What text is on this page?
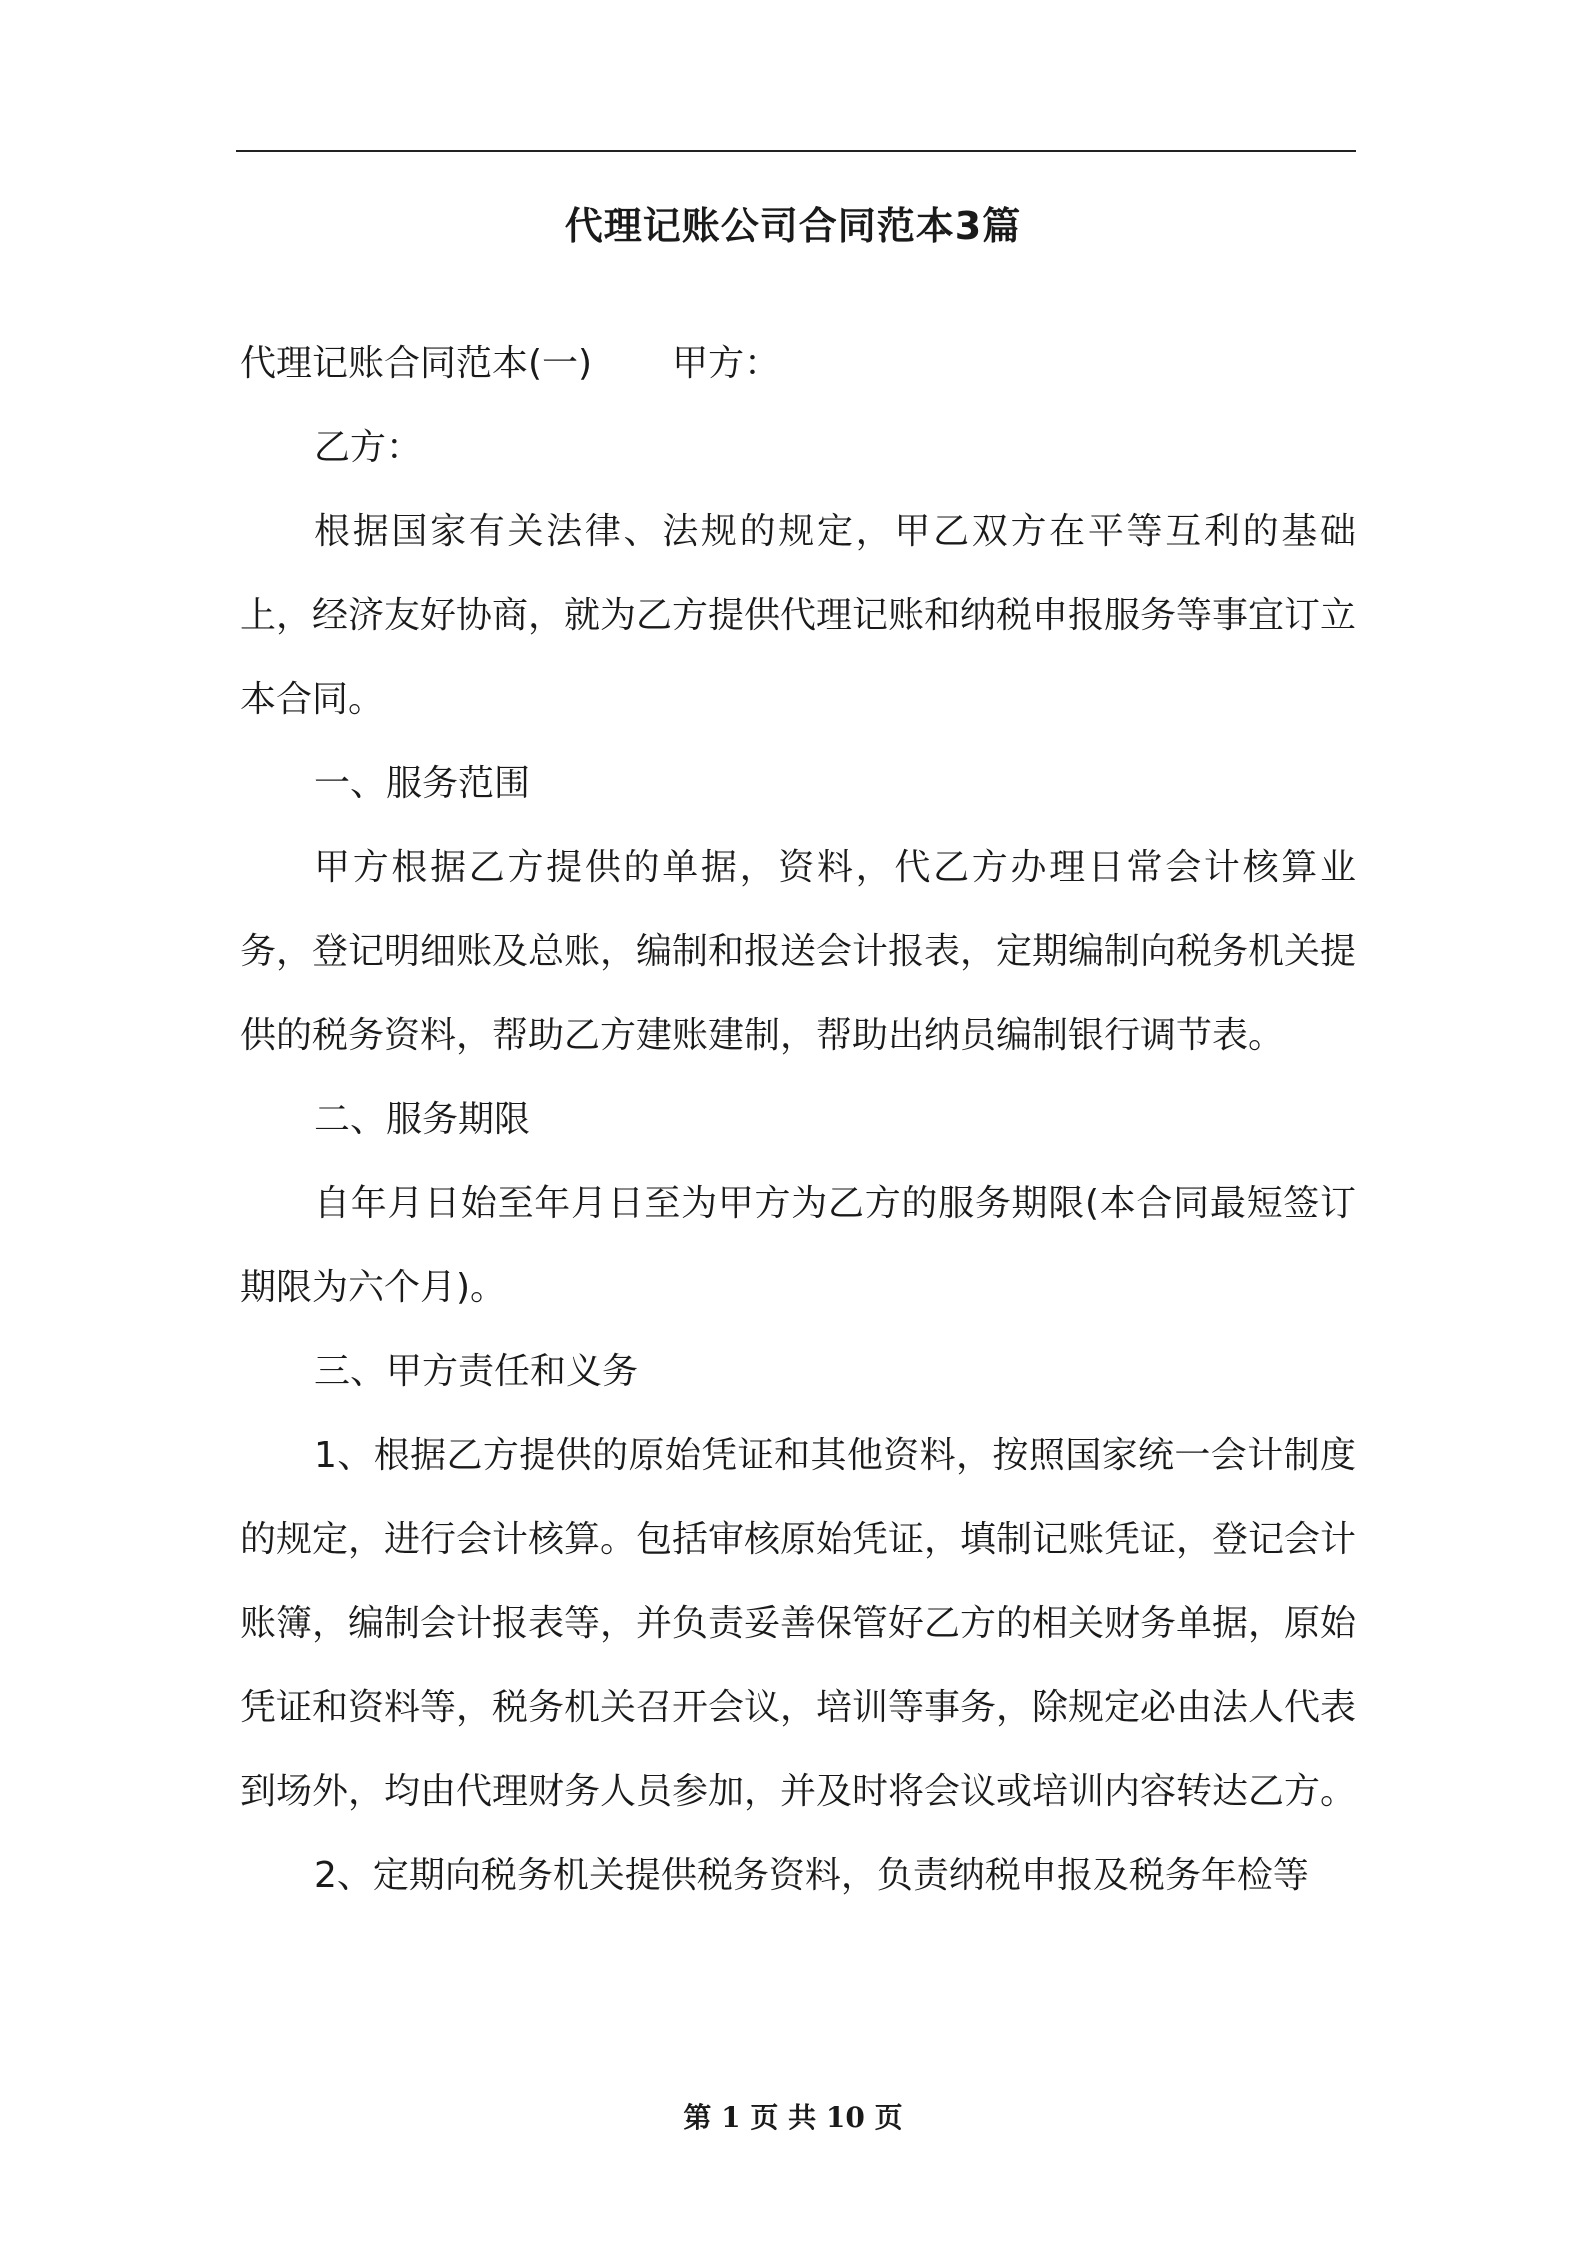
代理记账公司合同范本3篇
代理记账合同范本(一) 甲方：

乙方：

根据国家有关法律、法规的规定，甲乙双方在平等互利的基础上，经济友好协商，就为乙方提供代理记账和纳税申报服务等事宜订立本合同。

一、服务范围

甲方根据乙方提供的单据，资料，代乙方办理日常会计核算业务，登记明细账及总账，编制和报送会计报表，定期编制向税务机关提供的税务资料，帮助乙方建账建制，帮助出纳员编制银行调节表。

二、服务期限

自年月日始至年月日至为甲方为乙方的服务期限(本合同最短签订期限为六个月)。

三、甲方责任和义务

1、根据乙方提供的原始凭证和其他资料，按照国家统一会计制度的规定，进行会计核算。包括审核原始凭证，填制记账凭证，登记会计账簿，编制会计报表等，并负责妥善保管好乙方的相关财务单据，原始凭证和资料等，税务机关召开会议，培训等事务，除规定必由法人代表到场外，均由代理财务人员参加，并及时将会议或培训内容转达乙方。

2、定期向税务机关提供税务资料，负责纳税申报及税务年检等

第 1 页 共 10 页
